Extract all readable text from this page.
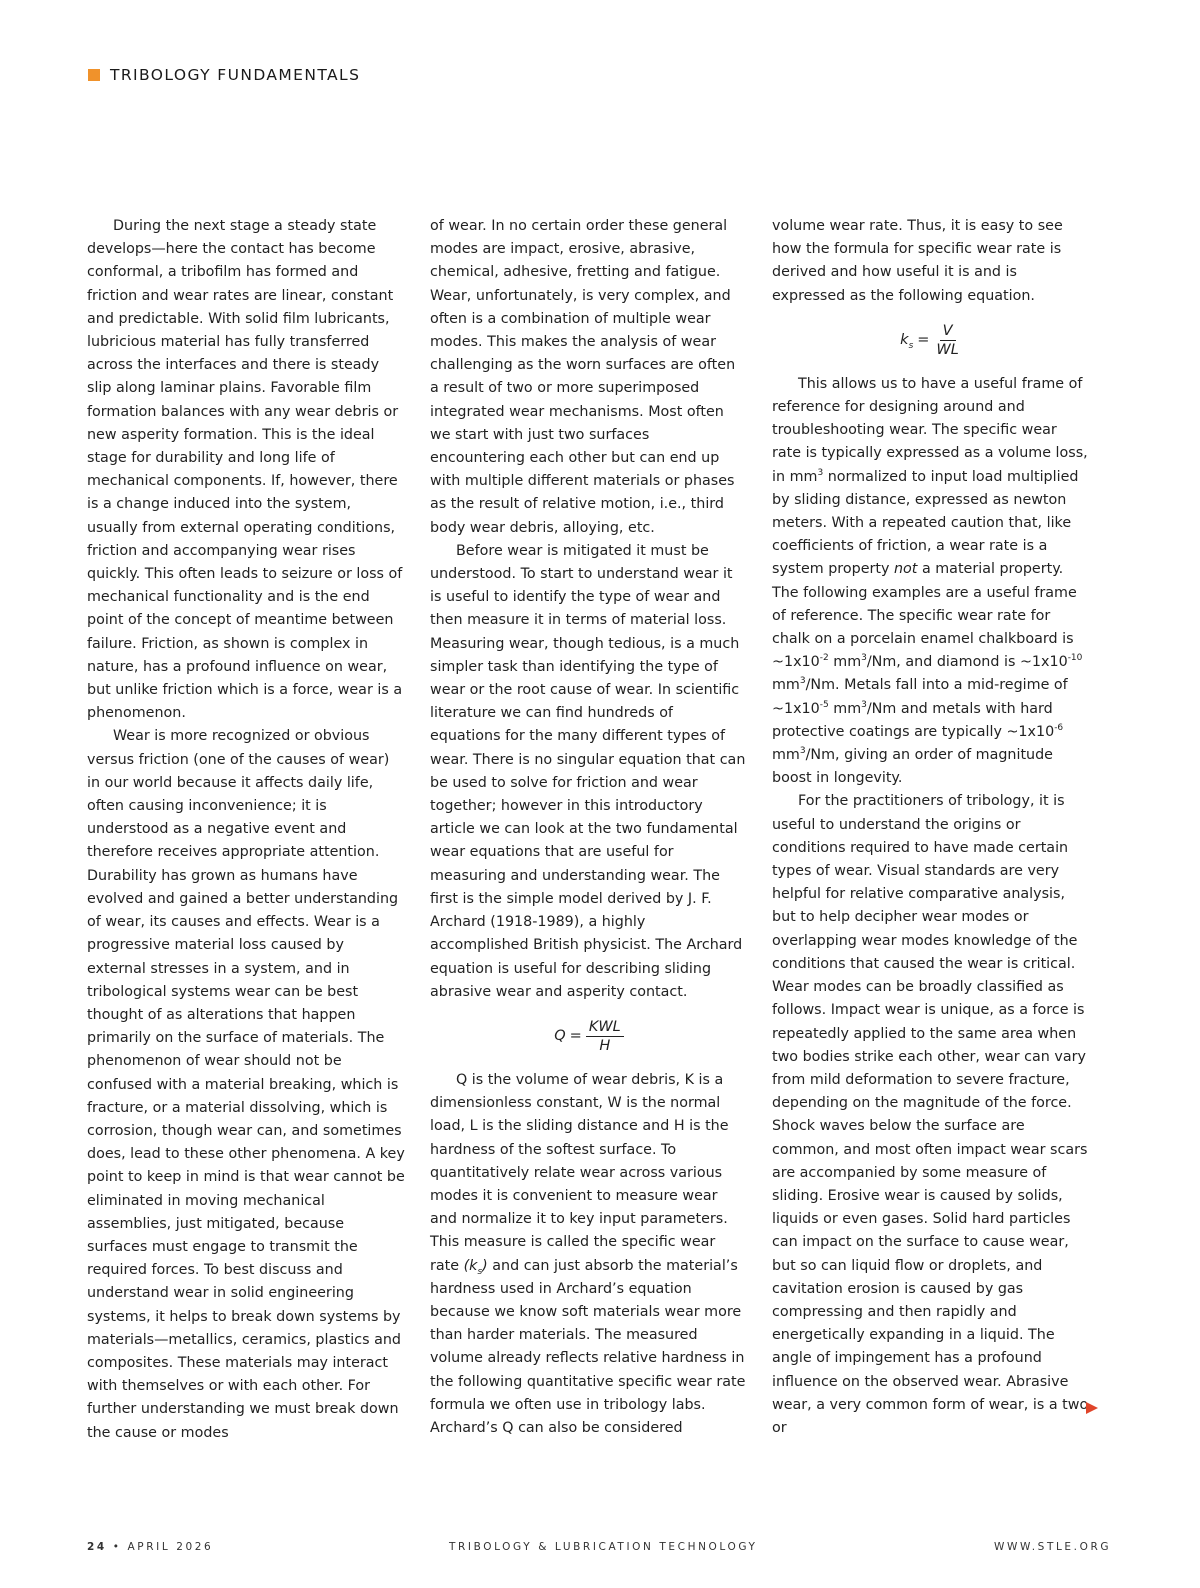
TRIBOLOGY FUNDAMENTALS

During the next stage a steady state develops—here the contact has become conformal, a tribofilm has formed and friction and wear rates are linear, constant and predictable. With solid film lubricants, lubricious material has fully transferred across the interfaces and there is steady slip along laminar plains. Favorable film formation balances with any wear debris or new asperity formation. This is the ideal stage for durability and long life of mechanical components. If, however, there is a change induced into the system, usually from external operating conditions, friction and accompanying wear rises quickly. This often leads to seizure or loss of mechanical functionality and is the end point of the concept of meantime between failure. Friction, as shown is complex in nature, has a profound influence on wear, but unlike friction which is a force, wear is a phenomenon.

Wear is more recognized or obvious versus friction (one of the causes of wear) in our world because it affects daily life, often causing inconvenience; it is understood as a negative event and therefore receives appropriate attention. Durability has grown as humans have evolved and gained a better understanding of wear, its causes and effects. Wear is a progressive material loss caused by external stresses in a system, and in tribological systems wear can be best thought of as alterations that happen primarily on the surface of materials. The phenomenon of wear should not be confused with a material breaking, which is fracture, or a material dissolving, which is corrosion, though wear can, and sometimes does, lead to these other phenomena. A key point to keep in mind is that wear cannot be eliminated in moving mechanical assemblies, just mitigated, because surfaces must engage to transmit the required forces. To best discuss and understand wear in solid engineering systems, it helps to break down systems by materials—metallics, ceramics, plastics and composites. These materials may interact with themselves or with each other. For further understanding we must break down the cause or modes

of wear. In no certain order these general modes are impact, erosive, abrasive, chemical, adhesive, fretting and fatigue. Wear, unfortunately, is very complex, and often is a combination of multiple wear modes. This makes the analysis of wear challenging as the worn surfaces are often a result of two or more superimposed integrated wear mechanisms. Most often we start with just two surfaces encountering each other but can end up with multiple different materials or phases as the result of relative motion, i.e., third body wear debris, alloying, etc.

Before wear is mitigated it must be understood. To start to understand wear it is useful to identify the type of wear and then measure it in terms of material loss. Measuring wear, though tedious, is a much simpler task than identifying the type of wear or the root cause of wear. In scientific literature we can find hundreds of equations for the many different types of wear. There is no singular equation that can be used to solve for friction and wear together; however in this introductory article we can look at the two fundamental wear equations that are useful for measuring and understanding wear. The first is the simple model derived by J. F. Archard (1918-1989), a highly accomplished British physicist. The Archard equation is useful for describing sliding abrasive wear and asperity contact.

$Q = \frac{\text{KWL}}{H}$

Q is the volume of wear debris, K is a dimensionless constant, W is the normal load, L is the sliding distance and H is the hardness of the softest surface. To quantitatively relate wear across various modes it is convenient to measure wear and normalize it to key input parameters. This measure is called the specific wear rate $(k_s)$ and can just absorb the material’s hardness used in Archard’s equation because we know soft materials wear more than harder materials. The measured volume already reflects relative hardness in the following quantitative specific wear rate formula we often use in tribology labs. Archard’s Q can also be considered

volume wear rate. Thus, it is easy to see how the formula for specific wear rate is derived and how useful it is and is expressed as the following equation.

$k_s = \frac{V}{WL}$

This allows us to have a useful frame of reference for designing around and troubleshooting wear. The specific wear rate is typically expressed as a volume loss, in $mm^3$ normalized to input load multiplied by sliding distance, expressed as newton meters. With a repeated caution that, like coefficients of friction, a wear rate is a system property not a material property. The following examples are a useful frame of reference. The specific wear rate for chalk on a porcelain enamel chalkboard is $\sim 1x10^{-2}$ $mm^3/Nm$, and diamond is $\sim 1x10^{-10}$ $mm^3/Nm$. Metals fall into a mid-regime of $\sim 1x10^{-5}$ $mm^3/Nm$ and metals with hard protective coatings are typically $\sim 1x10^{-6}$ $mm^3/Nm$, giving an order of magnitude boost in longevity.

For the practitioners of tribology, it is useful to understand the origins or conditions required to have made certain types of wear. Visual standards are very helpful for relative comparative analysis, but to help decipher wear modes or overlapping wear modes knowledge of the conditions that caused the wear is critical. Wear modes can be broadly classified as follows. Impact wear is unique, as a force is repeatedly applied to the same area when two bodies strike each other, wear can vary from mild deformation to severe fracture, depending on the magnitude of the force. Shock waves below the surface are common, and most often impact wear scars are accompanied by some measure of sliding. Erosive wear is caused by solids, liquids or even gases. Solid hard particles can impact on the surface to cause wear, but so can liquid flow or droplets, and cavitation erosion is caused by gas compressing and then rapidly and energetically expanding in a liquid. The angle of impingement has a profound influence on the observed wear. Abrasive wear, a very common form of wear, is a two or

24 • APRIL 2026	TRIBOLOGY & LUBRICATION TECHNOLOGY	WWW.STLE.ORG
